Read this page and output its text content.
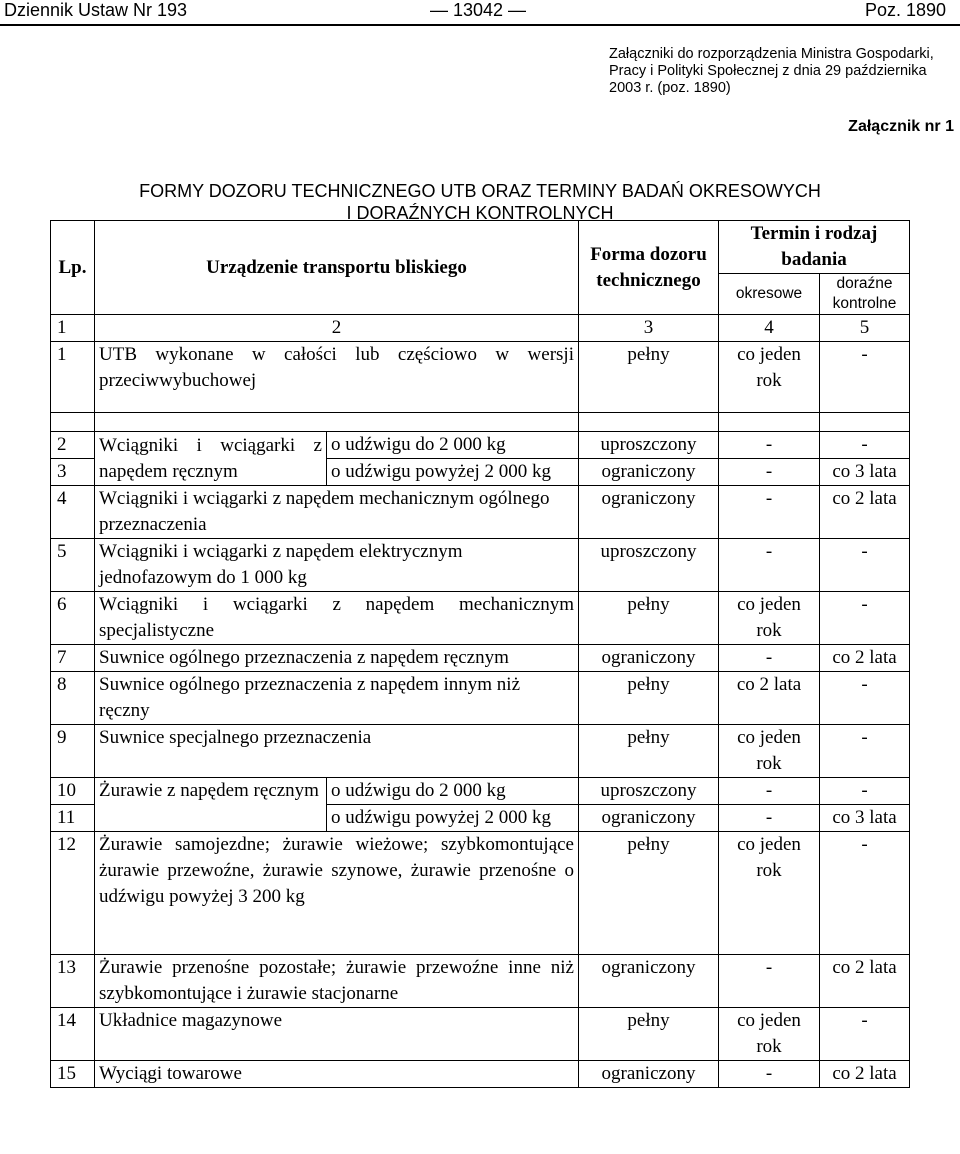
Dziennik Ustaw Nr 193	— 13042 —	Poz. 1890
Załączniki do rozporządzenia Ministra Gospodarki, Pracy i Polityki Społecznej z dnia 29 października 2003 r. (poz. 1890)
Załącznik nr 1
FORMY DOZORU TECHNICZNEGO UTB ORAZ TERMINY BADAŃ OKRESOWYCH
I DORAŹNYCH KONTROLNYCH
Lp.	Urządzenie transportu bliskiego		Forma dozoru technicznego	Termin i rodzaj badania	
				okresowe	doraźne kontrolne
1	2		3	4	5
1	UTB wykonane w całości lub częściowo w wersji przeciwwybuchowej		pełny	co jeden rok	-

2	Wciągniki i wciągarki z napędem ręcznym	o udźwigu do 2 000 kg	uproszczony	-	-
3		o udźwigu powyżej 2 000 kg	ograniczony	-	co 3 lata
4	Wciągniki i wciągarki z napędem mechanicznym ogólnego przeznaczenia		ograniczony	-	co 2 lata
5	Wciągniki i wciągarki z napędem elektrycznym jednofazowym do 1 000 kg		uproszczony	-	-
6	Wciągniki i wciągarki z napędem mechanicznym specjalistyczne		pełny	co jeden rok	-
7	Suwnice ogólnego przeznaczenia z napędem ręcznym		ograniczony	-	co 2 lata
8	Suwnice ogólnego przeznaczenia z napędem innym niż ręczny		pełny	co 2 lata	-
9	Suwnice specjalnego przeznaczenia		pełny	co jeden rok	-
10	Żurawie z napędem ręcznym	o udźwigu do 2 000 kg	uproszczony	-	-
11		o udźwigu powyżej 2 000 kg	ograniczony	-	co 3 lata
12	Żurawie samojezdne; żurawie wieżowe; szybkomontujące żurawie przewoźne, żurawie szynowe, żurawie przenośne o udźwigu powyżej 3 200 kg		pełny	co jeden rok	-
13	Żurawie przenośne pozostałe; żurawie przewoźne inne niż szybkomontujące i żurawie stacjonarne		ograniczony	-	co 2 lata
14	Układnice magazynowe		pełny	co jeden rok	-
15	Wyciągi towarowe		ograniczony	-	co 2 lata
